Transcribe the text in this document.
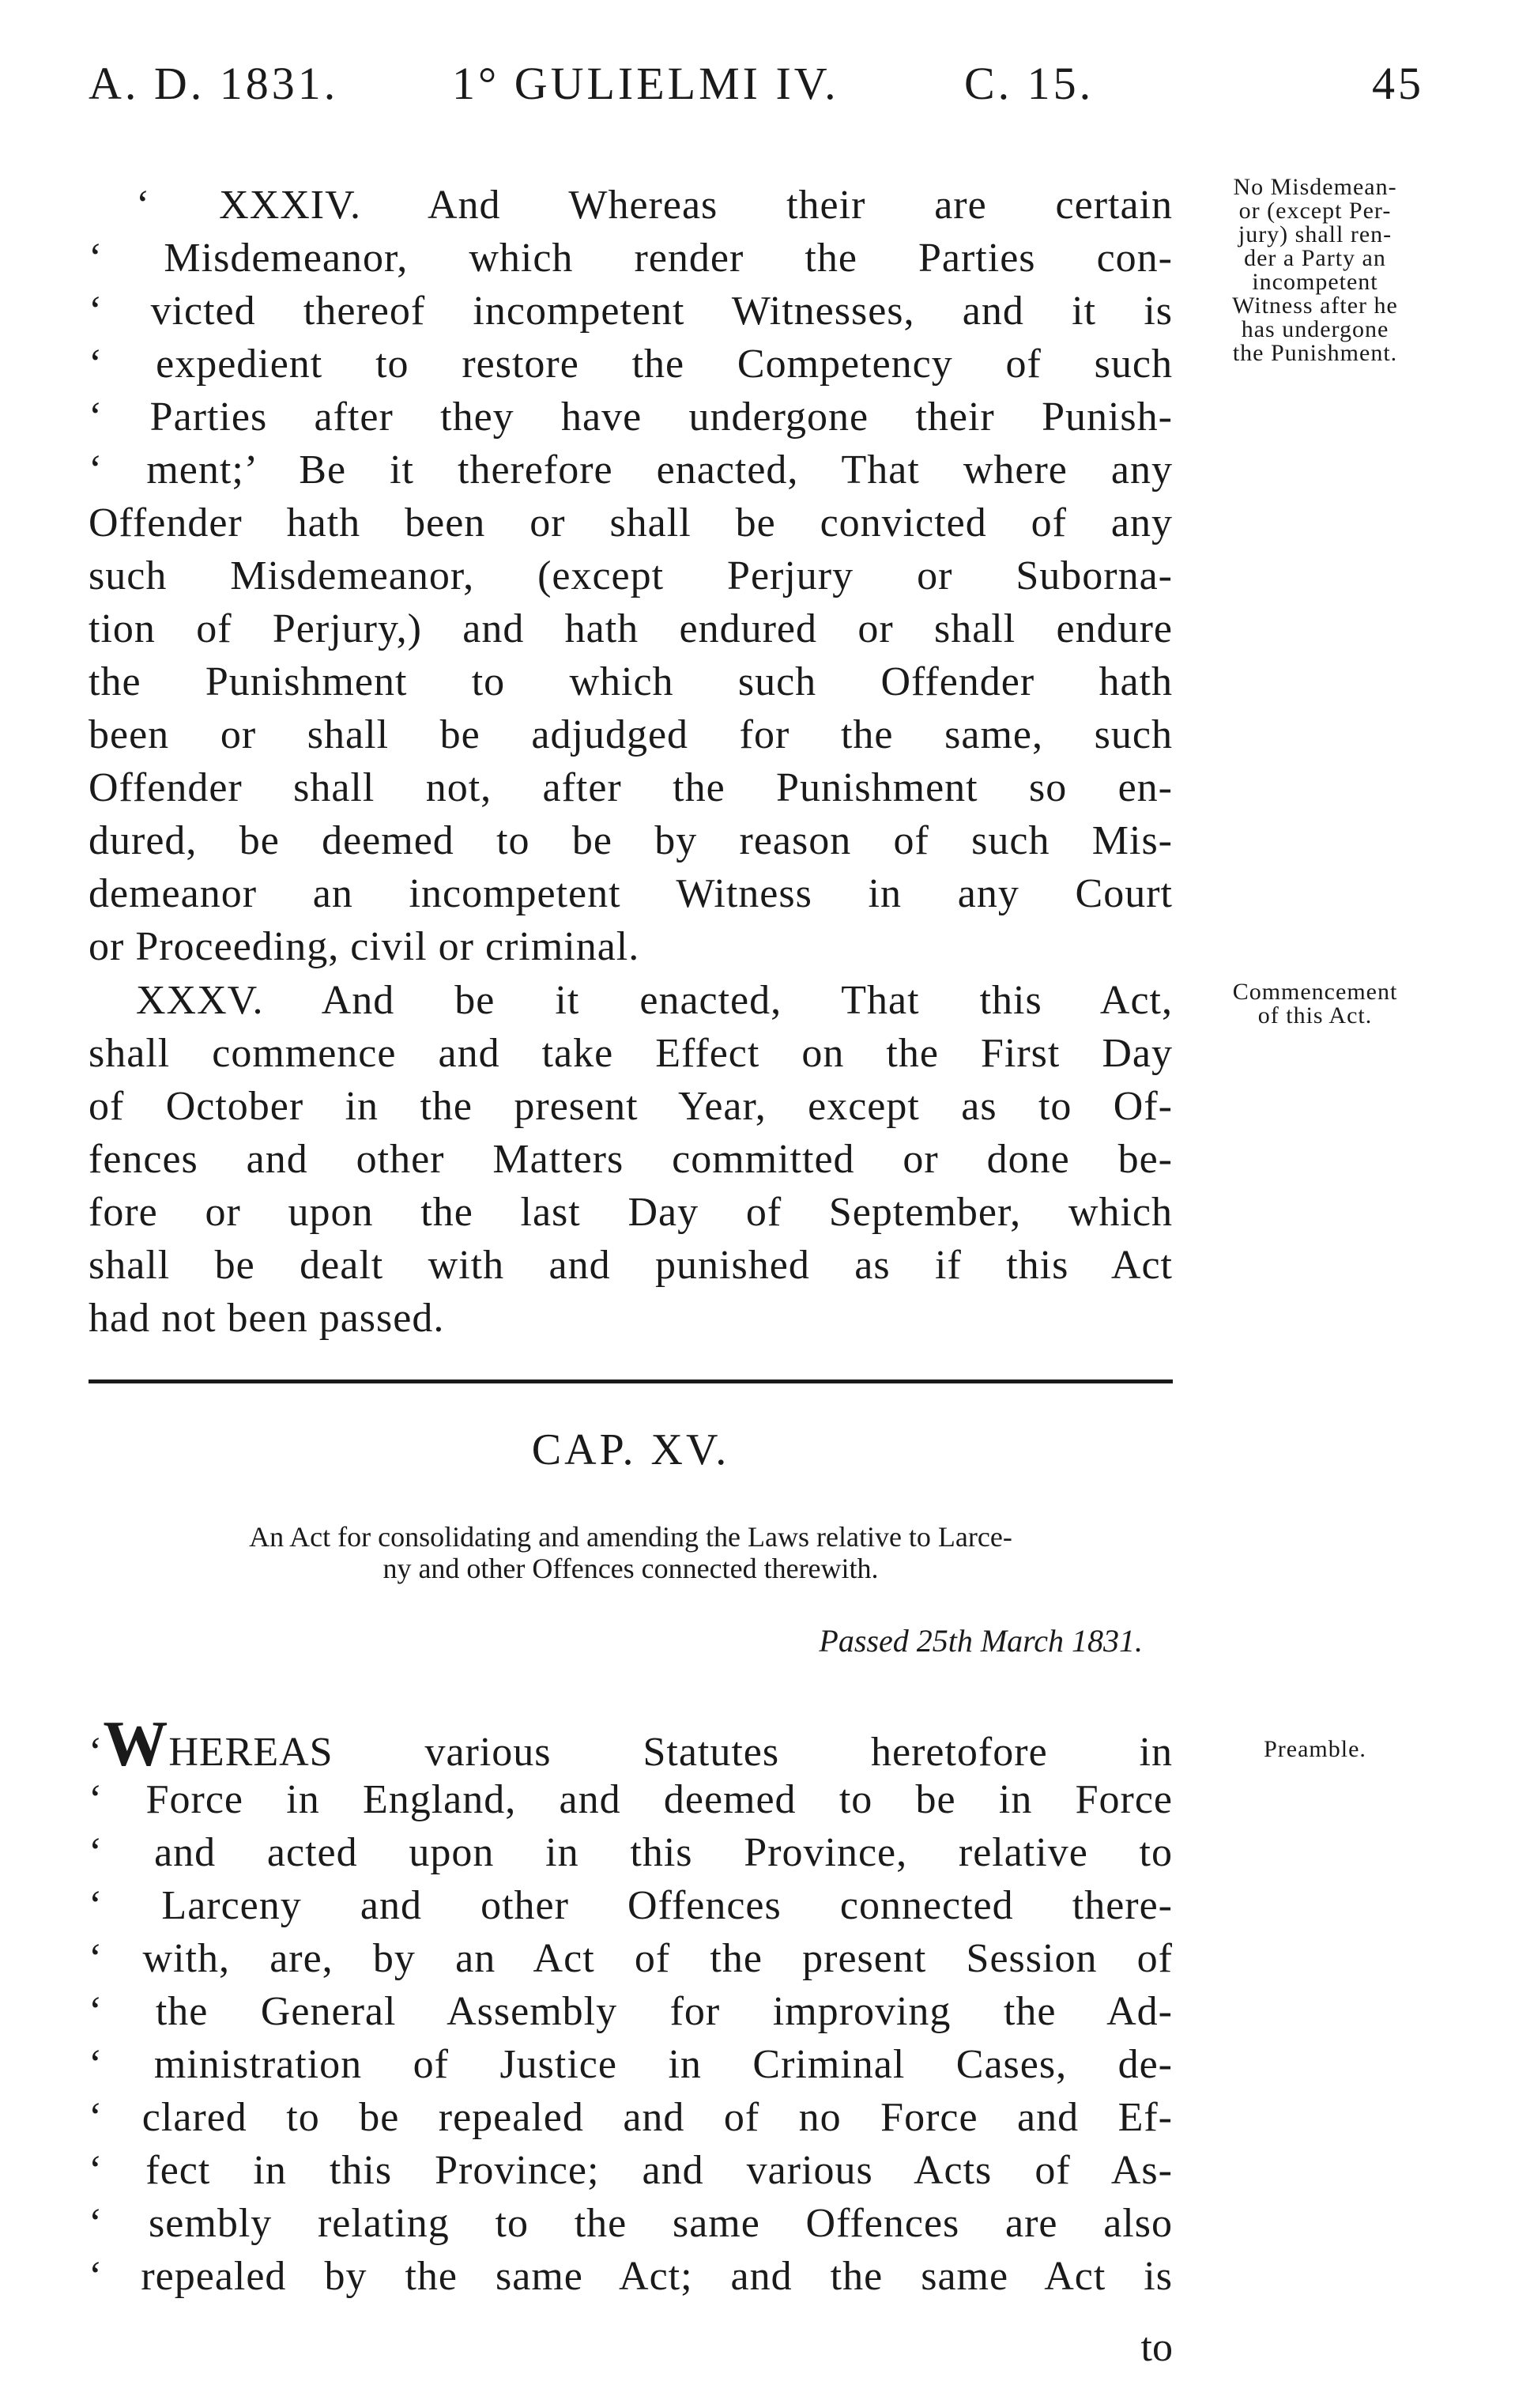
A. D. 1831. 1° GULIELMI IV.	C. 15.	45
‘ XXXIV. And Whereas their are certain
‘ Misdemeanor, which render the Parties con-
‘ victed thereof incompetent Witnesses, and it is
‘ expedient to restore the Competency of such
‘ Parties after they have undergone their Punish-
‘ ment;’ Be it therefore enacted, That where any
Offender hath been or shall be convicted of any
such Misdemeanor, (except Perjury or Suborna-
tion of Perjury,) and hath endured or shall endure
the Punishment to which such Offender hath
been or shall be adjudged for the same, such
Offender shall not, after the Punishment so en-
dured, be deemed to be by reason of such Mis-
demeanor an incompetent Witness in any Court
or Proceeding, civil or criminal.
No Misdemean-
or (except Per-
jury) shall ren-
der a Party an
incompetent
Witness after he
has undergone
the Punishment.
XXXV. And be it enacted, That this Act,
shall commence and take Effect on the First Day
of October in the present Year, except as to Of-
fences and other Matters committed or done be-
fore or upon the last Day of September, which
shall be dealt with and punished as if this Act
had not been passed.
Commencement
of this Act.
CAP. XV.
An Act for consolidating and amending the Laws relative to Larce-
ny and other Offences connected therewith.
Passed 25th March 1831.
‘WHEREAS various Statutes heretofore in
‘ Force in England, and deemed to be in Force
‘ and acted upon in this Province, relative to
‘ Larceny and other Offences connected there-
‘ with, are, by an Act of the present Session of
‘ the General Assembly for improving the Ad-
‘ ministration of Justice in Criminal Cases, de-
‘ clared to be repealed and of no Force and Ef-
‘ fect in this Province; and various Acts of As-
‘ sembly relating to the same Offences are also
‘ repealed by the same Act; and the same Act is
Preamble.
to
